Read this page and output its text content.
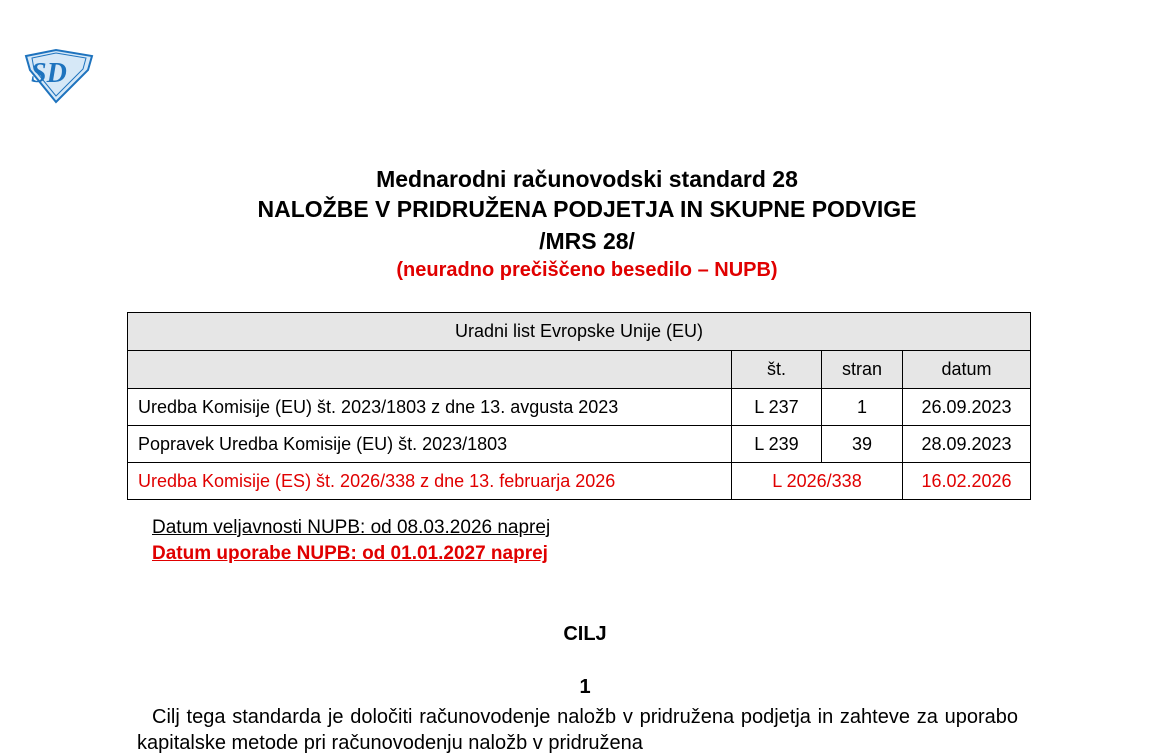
SD
Mednarodni računovodski standard 28
NALOŽBE V PRIDRUŽENA PODJETJA IN SKUPNE PODVIGE
/MRS 28/
(neuradno prečiščeno besedilo – NUPB)
Uradni list Evropske Unije (EU)			
	št.	stran	datum
Uredba Komisije (EU) št. 2023/1803 z dne 13. avgusta 2023	L 237	1	26.09.2023
Popravek Uredba Komisije (EU) št. 2023/1803	L 239	39	28.09.2023
Uredba Komisije (ES) št. 2026/338 z dne 13. februarja 2026	L 2026/338		16.02.2026
Datum veljavnosti NUPB: od 08.03.2026 naprej
Datum uporabe NUPB: od 01.01.2027 naprej
CILJ
1
Cilj tega standarda je določiti računovodenje naložb v pridružena podjetja in zahteve za uporabo kapitalske metode pri računovodenju naložb v pridružena
